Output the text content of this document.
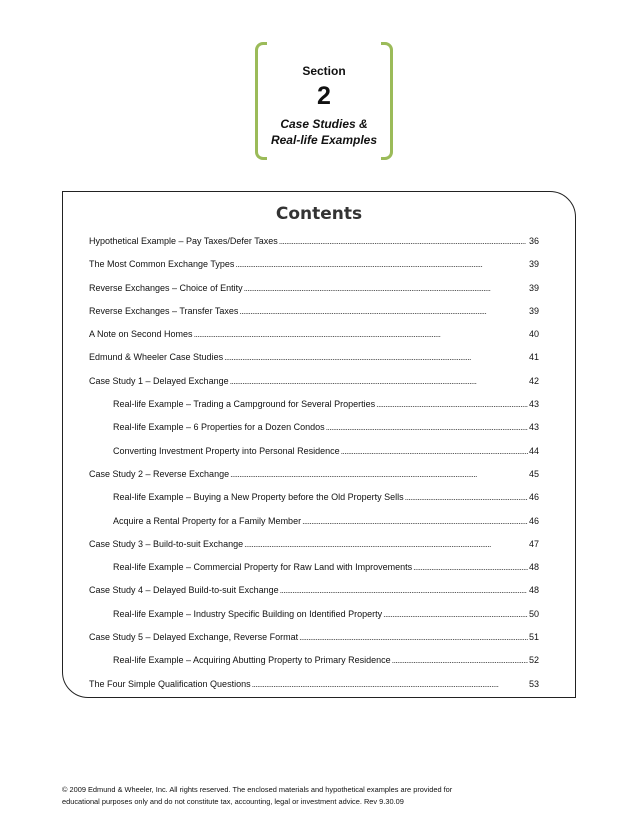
Section
2
Case Studies &
Real-life Examples
Contents
Hypothetical Example – Pay Taxes/Defer Taxes . . .	36
The Most Common Exchange Types . . .	39
Reverse Exchanges – Choice of Entity . . .	39
Reverse Exchanges – Transfer Taxes . . .	39
A Note on Second Homes . . .	40
Edmund & Wheeler Case Studies . . .	41
Case Study 1 – Delayed Exchange . . .	42
Real-life Example – Trading a Campground for Several Properties . . .	43
Real-life Example – 6 Properties for a Dozen Condos . . .	43
Converting Investment Property into Personal Residence . . .	44
Case Study 2 – Reverse Exchange . . .	45
Real-life Example – Buying a New Property before the Old Property Sells . . .	46
Acquire a Rental Property for a Family Member . . .	46
Case Study 3 – Build-to-suit Exchange . . .	47
Real-life Example – Commercial Property for Raw Land with Improvements . . .	48
Case Study 4 – Delayed Build-to-suit Exchange . . .	48
Real-life Example – Industry Specific Building on Identified Property . . .	50
Case Study 5 – Delayed Exchange, Reverse Format . . .	51
Real-life Example – Acquiring Abutting Property to Primary Residence . . .	52
The Four Simple Qualification Questions . . .	53
© 2009 Edmund & Wheeler, Inc. All rights reserved. The enclosed materials and hypothetical examples are provided for
educational purposes only and do not constitute tax, accounting, legal or investment advice. Rev 9.30.09
